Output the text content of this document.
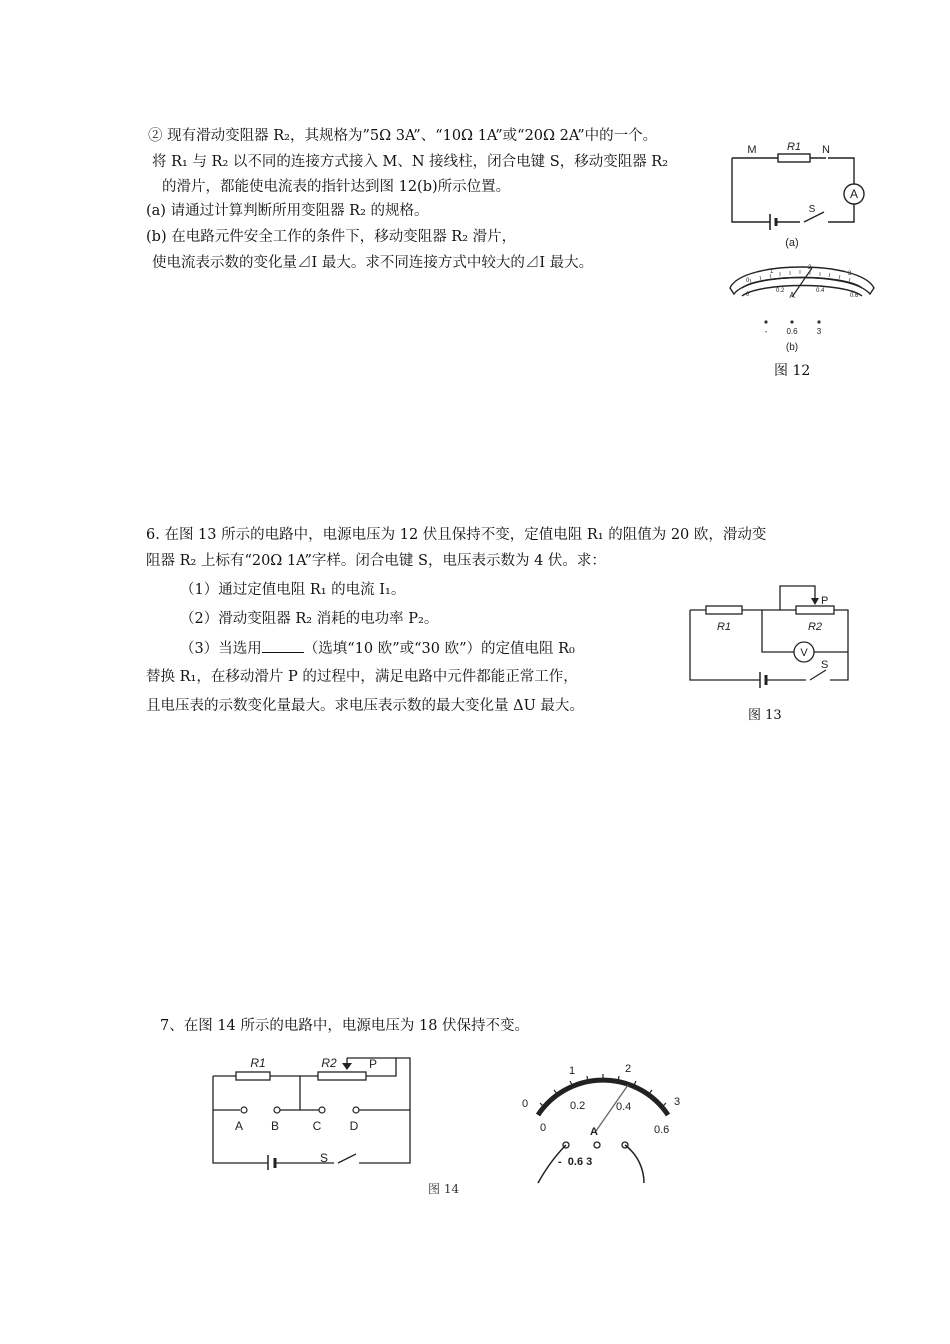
② 现有滑动变阻器 R₂，其规格为”5Ω 3A”、“10Ω 1A”或“20Ω 2A”中的一个。
将 R₁ 与 R₂ 以不同的连接方式接入 M、N 接线柱，闭合电键 S，移动变阻器 R₂
的滑片，都能使电流表的指针达到图 12(b)所示位置。
(a) 请通过计算判断所用变阻器 R₂ 的规格。
(b) 在电路元件安全工作的条件下，移动变阻器 R₂ 滑片，
使电流表示数的变化量⊿I 最大。求不同连接方式中较大的⊿I 最大。
M	R1 N
A
S
(a)
0
1
2
3
0
0.2	0.4
0.6
A
- 0.6 3
(b)
图 12
6. 在图 13 所示的电路中，电源电压为 12 伏且保持不变，定值电阻 R₁ 的阻值为 20 欧，滑动变
阻器 R₂ 上标有“20Ω 1A”字样。闭合电键 S，电压表示数为 4 伏。求：
（1）通过定值电阻 R₁ 的电流 I₁。
（2）滑动变阻器 R₂ 消耗的电功率 P₂。
（3）当选用	（选填“10 欧”或“30 欧”）的定值电阻 R₀
替换 R₁，在移动滑片 P 的过程中，满足电路中元件都能正常工作，
且电压表的示数变化量最大。求电压表示数的最大变化量 ΔU 最大。
R1	R2
P
V
S
图 13
7、在图 14 所示的电路中，电源电压为 18 伏保持不变。
R1	R2	P
A B	C D
S
0
1	2
3
0.2	0.4
0	0.6
A
-  0.6 3
图 14
